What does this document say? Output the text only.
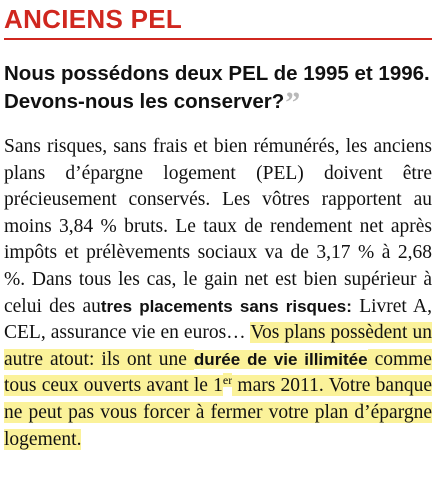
ANCIENS PEL
Nous possédons deux PEL de 1995 et 1996. Devons-nous les conserver?”
Sans risques, sans frais et bien rémunérés, les anciens plans d’épargne logement (PEL) doivent être précieusement conservés. Les vôtres rapportent au moins 3,84 % bruts. Le taux de rendement net après impôts et prélèvements sociaux va de 3,17 % à 2,68 %. Dans tous les cas, le gain net est bien supérieur à celui des autres placements sans risques: Livret A, CEL, assurance vie en euros… Vos plans possèdent un autre atout: ils ont une durée de vie illimitée comme tous ceux ouverts avant le 1er mars 2011. Votre banque ne peut pas vous forcer à fermer votre plan d’épargne logement.
